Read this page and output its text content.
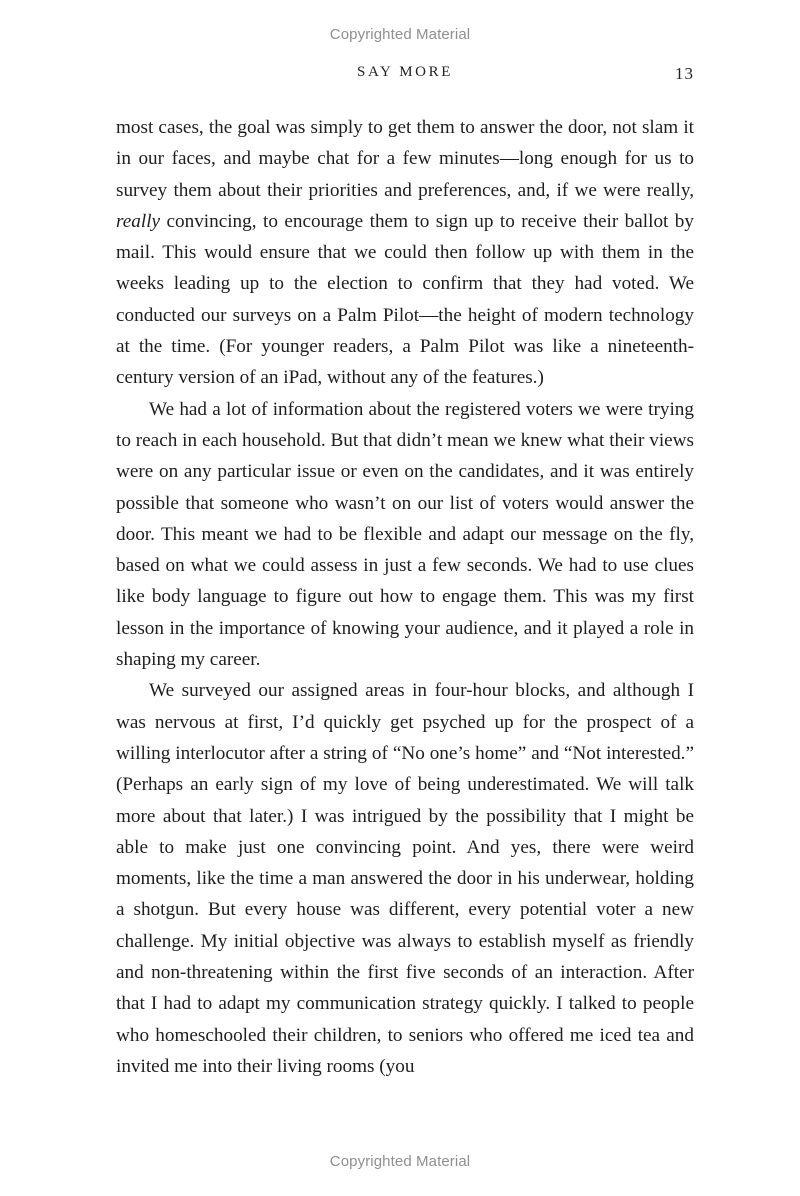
Copyrighted Material
SAY MORE	13

most cases, the goal was simply to get them to answer the door, not slam it in our faces, and maybe chat for a few minutes—long enough for us to survey them about their priorities and preferences, and, if we were really, really convincing, to encourage them to sign up to receive their ballot by mail. This would ensure that we could then follow up with them in the weeks leading up to the election to confirm that they had voted. We conducted our surveys on a Palm Pilot—the height of modern technology at the time. (For younger readers, a Palm Pilot was like a nineteenth-century version of an iPad, without any of the features.)

We had a lot of information about the registered voters we were trying to reach in each household. But that didn’t mean we knew what their views were on any particular issue or even on the candidates, and it was entirely possible that someone who wasn’t on our list of voters would answer the door. This meant we had to be flexible and adapt our message on the fly, based on what we could assess in just a few seconds. We had to use clues like body language to figure out how to engage them. This was my first lesson in the importance of knowing your audience, and it played a role in shaping my career.

We surveyed our assigned areas in four-hour blocks, and although I was nervous at first, I’d quickly get psyched up for the prospect of a willing interlocutor after a string of “No one’s home” and “Not interested.” (Perhaps an early sign of my love of being underestimated. We will talk more about that later.) I was intrigued by the possibility that I might be able to make just one convincing point. And yes, there were weird moments, like the time a man answered the door in his underwear, holding a shotgun. But every house was different, every potential voter a new challenge. My initial objective was always to establish myself as friendly and non-threatening within the first five seconds of an interaction. After that I had to adapt my communication strategy quickly. I talked to people who homeschooled their children, to seniors who offered me iced tea and invited me into their living rooms (you

Copyrighted Material
